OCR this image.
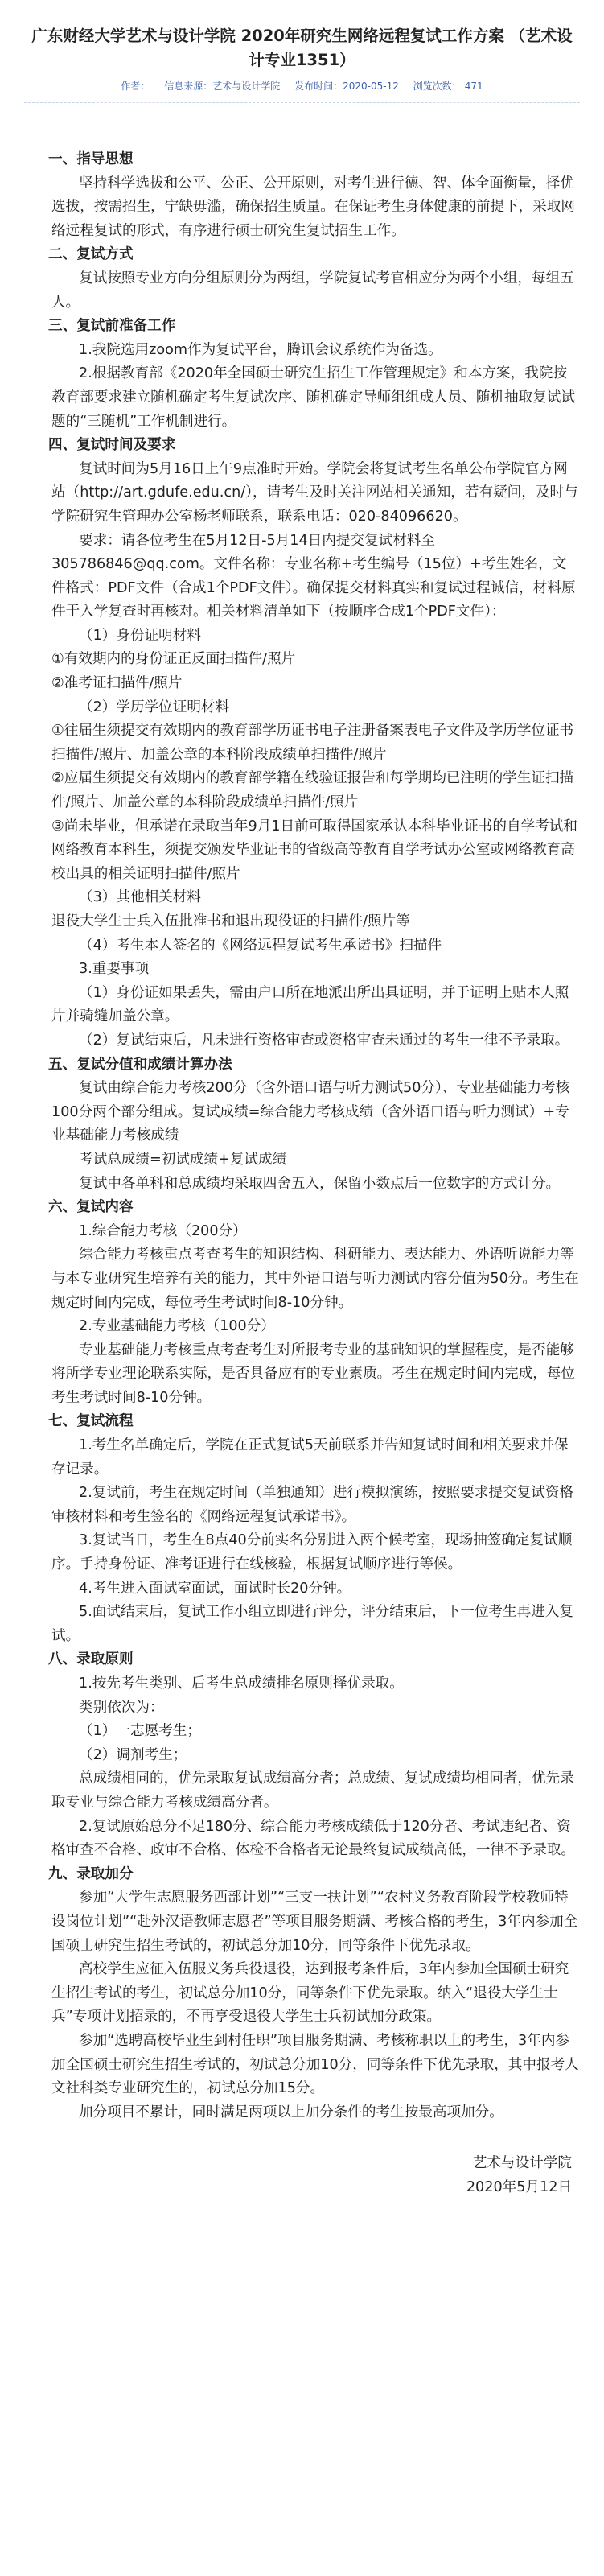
广东财经大学艺术与设计学院 2020年研究生网络远程复试工作方案 （艺术设计专业1351）
作者： 信息来源：艺术与设计学院 发布时间：2020-05-12 浏览次数： 471

一、指导思想

坚持科学选拔和公平、公正、公开原则，对考生进行德、智、体全面衡量，择优选拔，按需招生，宁缺毋滥，确保招生质量。在保证考生身体健康的前提下，采取网络远程复试的形式，有序进行硕士研究生复试招生工作。

二、复试方式

复试按照专业方向分组原则分为两组，学院复试考官相应分为两个小组，每组五人。

三、复试前准备工作

1.我院选用zoom作为复试平台，腾讯会议系统作为备选。

2.根据教育部《2020年全国硕士研究生招生工作管理规定》和本方案，我院按教育部要求建立随机确定考生复试次序、随机确定导师组组成人员、随机抽取复试试题的“三随机”工作机制进行。

四、复试时间及要求

复试时间为5月16日上午9点准时开始。学院会将复试考生名单公布学院官方网站（http://art.gdufe.edu.cn/），请考生及时关注网站相关通知，若有疑问，及时与学院研究生管理办公室杨老师联系，联系电话：020-84096620。

要求：请各位考生在5月12日-5月14日内提交复试材料至305786846@qq.com。文件名称：专业名称+考生编号（15位）+考生姓名，文件格式：PDF文件（合成1个PDF文件）。确保提交材料真实和复试过程诚信，材料原件于入学复查时再核对。相关材料清单如下（按顺序合成1个PDF文件）：

（1）身份证明材料

①有效期内的身份证正反面扫描件/照片

②准考证扫描件/照片

（2）学历学位证明材料

①往届生须提交有效期内的教育部学历证书电子注册备案表电子文件及学历学位证书扫描件/照片、加盖公章的本科阶段成绩单扫描件/照片

②应届生须提交有效期内的教育部学籍在线验证报告和每学期均已注明的学生证扫描件/照片、加盖公章的本科阶段成绩单扫描件/照片

③尚未毕业，但承诺在录取当年9月1日前可取得国家承认本科毕业证书的自学考试和网络教育本科生，须提交颁发毕业证书的省级高等教育自学考试办公室或网络教育高校出具的相关证明扫描件/照片

（3）其他相关材料

退役大学生士兵入伍批准书和退出现役证的扫描件/照片等

（4）考生本人签名的《网络远程复试考生承诺书》扫描件

3.重要事项

（1）身份证如果丢失，需由户口所在地派出所出具证明，并于证明上贴本人照片并骑缝加盖公章。

（2）复试结束后，凡未进行资格审查或资格审查未通过的考生一律不予录取。

五、复试分值和成绩计算办法

复试由综合能力考核200分（含外语口语与听力测试50分）、专业基础能力考核100分两个部分组成。复试成绩=综合能力考核成绩（含外语口语与听力测试）+专业基础能力考核成绩

考试总成绩=初试成绩+复试成绩

复试中各单科和总成绩均采取四舍五入，保留小数点后一位数字的方式计分。

六、复试内容

1.综合能力考核（200分）

综合能力考核重点考查考生的知识结构、科研能力、表达能力、外语听说能力等与本专业研究生培养有关的能力，其中外语口语与听力测试内容分值为50分。考生在规定时间内完成，每位考生考试时间8-10分钟。

2.专业基础能力考核（100分）

专业基础能力考核重点考查考生对所报考专业的基础知识的掌握程度，是否能够将所学专业理论联系实际，是否具备应有的专业素质。考生在规定时间内完成，每位考生考试时间8-10分钟。

七、复试流程

1.考生名单确定后，学院在正式复试5天前联系并告知复试时间和相关要求并保存记录。

2.复试前，考生在规定时间（单独通知）进行模拟演练，按照要求提交复试资格审核材料和考生签名的《网络远程复试承诺书》。

3.复试当日，考生在8点40分前实名分别进入两个候考室，现场抽签确定复试顺序。手持身份证、准考证进行在线核验，根据复试顺序进行等候。

4.考生进入面试室面试，面试时长20分钟。

5.面试结束后，复试工作小组立即进行评分，评分结束后，下一位考生再进入复试。

八、录取原则

1.按先考生类别、后考生总成绩排名原则择优录取。

类别依次为：

（1）一志愿考生；

（2）调剂考生；

总成绩相同的，优先录取复试成绩高分者；总成绩、复试成绩均相同者，优先录取专业与综合能力考核成绩高分者。

2.复试原始总分不足180分、综合能力考核成绩低于120分者、考试违纪者、资格审查不合格、政审不合格、体检不合格者无论最终复试成绩高低，一律不予录取。

九、录取加分

参加“大学生志愿服务西部计划”“三支一扶计划”“农村义务教育阶段学校教师特设岗位计划”“赴外汉语教师志愿者”等项目服务期满、考核合格的考生，3年内参加全国硕士研究生招生考试的，初试总分加10分，同等条件下优先录取。

高校学生应征入伍服义务兵役退役，达到报考条件后，3年内参加全国硕士研究生招生考试的考生，初试总分加10分，同等条件下优先录取。纳入“退役大学生士兵”专项计划招录的，不再享受退役大学生士兵初试加分政策。

参加“选聘高校毕业生到村任职”项目服务期满、考核称职以上的考生，3年内参加全国硕士研究生招生考试的，初试总分加10分，同等条件下优先录取，其中报考人文社科类专业研究生的，初试总分加15分。

加分项目不累计，同时满足两项以上加分条件的考生按最高项加分。

艺术与设计学院

2020年5月12日
